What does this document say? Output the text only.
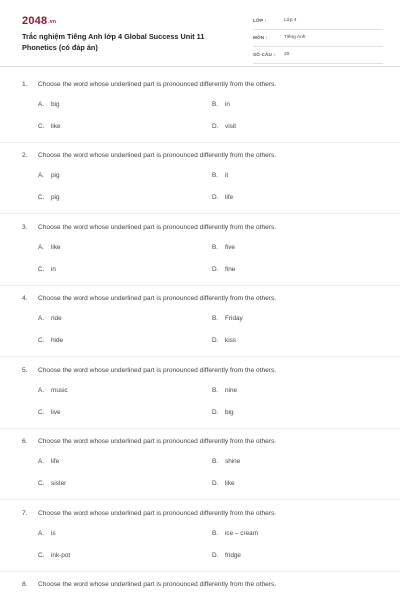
2048.vn
Trắc nghiệm Tiếng Anh lớp 4 Global Success Unit 11 Phonetics (có đáp án)
LỚP :	Lớp 4
MÔN :	Tiếng Anh
SỐ CÂU : 20
1. Choose the word whose underlined part is pronounced differently from the others.
A. big	B. in
C. like	D. visit
2. Choose the word whose underlined part is pronounced differently from the others.
A. pig	B. it
C. pig	D. life
3. Choose the word whose underlined part is pronounced differently from the others.
A. like	B. five
C. in	D. fine
4. Choose the word whose underlined part is pronounced differently from the others.
A. ride	B. Friday
C. hide	D. kiss
5. Choose the word whose underlined part is pronounced differently from the others.
A. music	B. nine
C. live	D. big
6. Choose the word whose underlined part is pronounced differently from the others.
A. life	B. shine
C. sister	D. like
7. Choose the word whose underlined part is pronounced differently from the others.
A. is	B. ice – cream
C. ink-pot	D. fridge
8. Choose the word whose underlined part is pronounced differently from the others.
